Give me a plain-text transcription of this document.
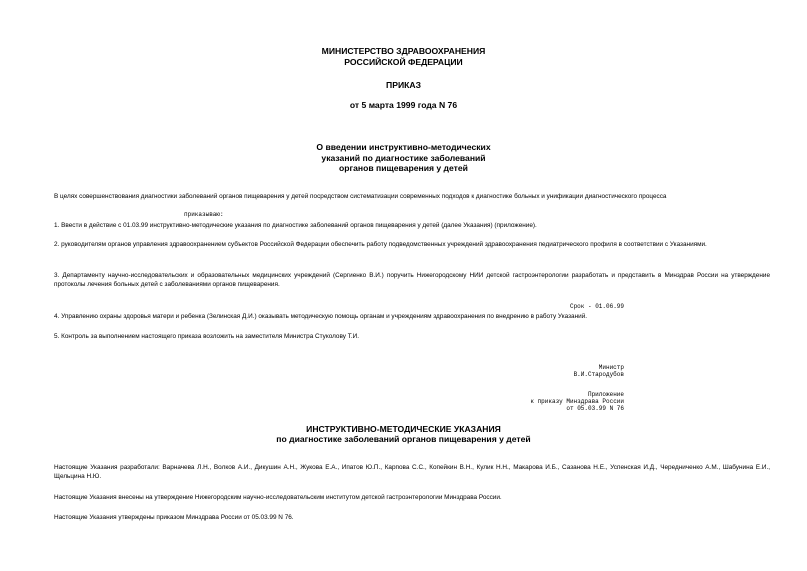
МИНИСТЕРСТВО ЗДРАВООХРАНЕНИЯ
РОССИЙСКОЙ ФЕДЕРАЦИИ
ПРИКАЗ
от 5 марта 1999 года N 76
О введении инструктивно-методических
указаний по диагностике заболеваний
органов пищеварения у детей
В целях совершенствования диагностики заболеваний органов пищеварения у детей посредством систематизации современных подходов к диагностике больных и унификации диагностического процесса
приказываю:
1. Ввести в действие с 01.03.99 инструктивно-методические указания по диагностике заболеваний органов пищеварения у детей (далее Указания) (приложение).
2. руководителям органов управления здравоохранением субъектов Российской Федерации обеспечить работу подведомственных учреждений здравоохранения педиатрического профиля в соответствии с Указаниями.
3. Департаменту научно-исследовательских и образовательных медицинских учреждений (Сергиенко В.И.) поручить Нижегородскому НИИ детской гастроэнтерологии разработать и представить в Минздрав России на утверждение протоколы лечения больных детей с заболеваниями органов пищеварения.
Срок - 01.06.99
4. Управлению охраны здоровья матери и ребенка (Зелинская Д.И.) оказывать методическую помощь органам и учреждениям здравоохранения по внедрению в работу Указаний.
5. Контроль за выполнением настоящего приказа возложить на заместителя Министра Стуколову Т.И.
Министр
В.И.Стародубов
Приложение
к приказу Минздрава России
от 05.03.99 N 76
ИНСТРУКТИВНО-МЕТОДИЧЕСКИЕ УКАЗАНИЯ
по диагностике заболеваний органов пищеварения у детей
Настоящие Указания разработали: Варначева Л.Н., Волков А.И., Дикушин А.Н., Жукова Е.А., Ипатов Ю.П., Карпова С.С., Копейкин В.Н., Кулик Н.Н., Макарова И.Б., Сазанова Н.Е., Успенская И.Д., Чередниченко А.М., Шабунина Е.И., Щельцина Н.Ю.
Настоящие Указания внесены на утверждение Нижегородским научно-исследовательским институтом детской гастроэнтерологии Минздрава России.
Настоящие Указания утверждены приказом Минздрава России от 05.03.99 N 76.
